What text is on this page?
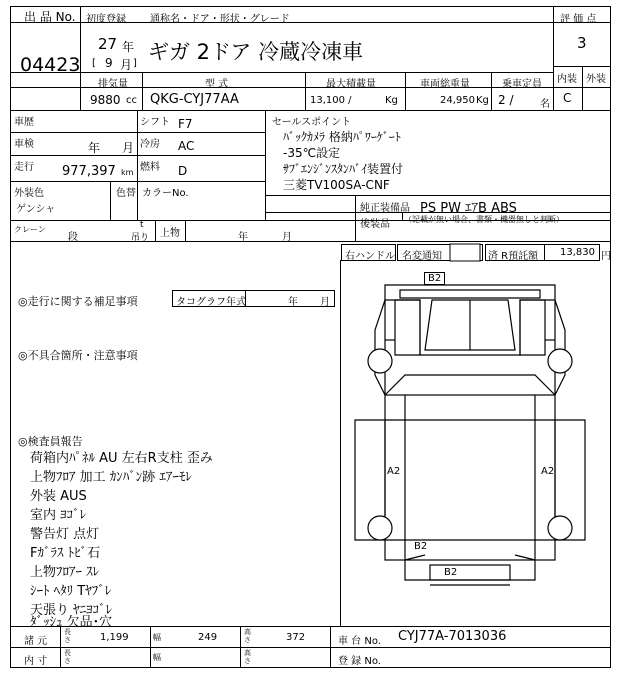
出 品 No.
04423
初度登録 通称名・ドア・形状・グレード
27 年
[ 9 月 ] ギガ 2ドア 冷蔵冷凍車
評 価 点
3
内装 外装
C
排気量	型 式	最大積載量	車両総重量	乗車定員
9880 cc QKG-CYJ77AA	13,100 /	Kg	24,950 Kg 2 /	名
車歴	シフト F7
車検	年 月 冷房 AC
走行 977,397 km 燃料 D
外装色
ゲンシャ
色替 カラーNo.
セールスポイント
ﾊﾞｯｸｶﾒﾗ 格納ﾊﾟﾜｰｹﾞｰﾄ
-35℃設定
ｻﾌﾞｴﾝｼﾞﾝｽﾀﾝﾊﾞｲ装置付
三菱TV100SA-CNF
純正装備品 PS PW ｴｱB ABS
後装品 （記載が無い場合、書類・機器無しと判断）
クレーン
段
t
吊り 上物	年	月
右ハンドル 名変通知	済 R預託額 13,830 円
◎走行に関する補足事項	タコグラフ年式	年 月
◎不具合箇所・注意事項
◎検査員報告
荷箱内ﾊﾟﾈﾙ AU 左右R支柱 歪み
上物ﾌﾛｱ 加工 ｶﾝﾊﾞﾝ跡 ｴｱｰﾓﾚ
外装 AUS
室内 ﾖｺﾞﾚ
警告灯 点灯
Fｶﾞﾗｽ ﾄﾋﾞ石
上物ﾌﾛｱｰ ｽﾚ
ｼｰﾄ ﾍﾀﾘ Tﾔﾌﾞﾚ
天張り ﾔﾆﾖｺﾞﾚ
ﾀﾞｯｼｭ 欠品･穴
B2
A2	A2
B2
B2
諸 元
長さ	1,199	幅	249	高さ	372	車 台 No. CYJ77A-7013036
内 寸
長さ	幅	高さ	登 録 No.
